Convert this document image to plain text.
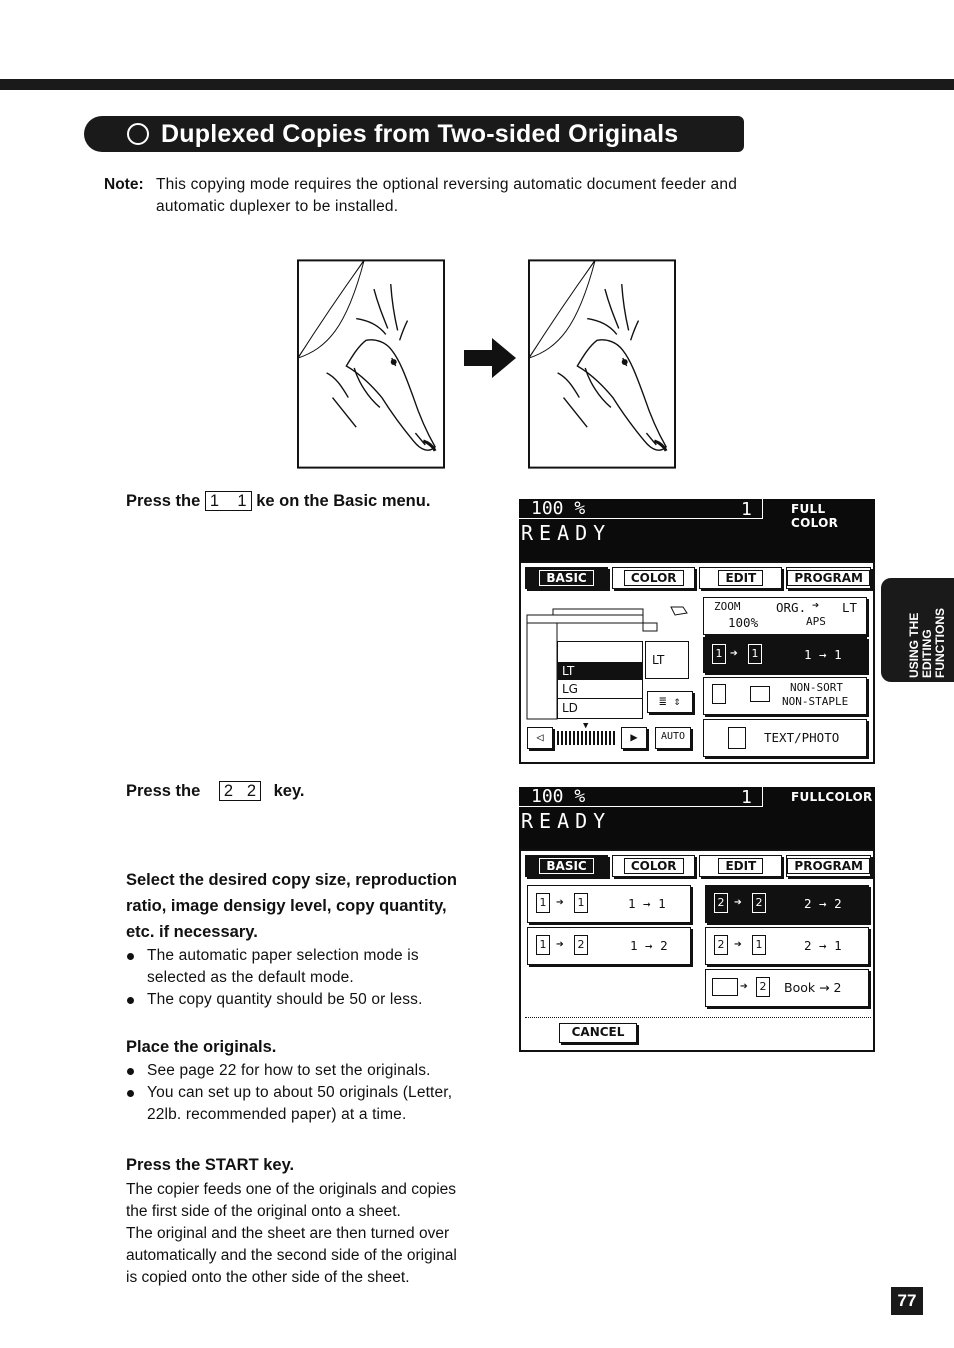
Duplexed Copies from Two-sided Originals
Note: This copying mode requires the optional reversing automatic document feeder and
automatic duplexer to be installed.
Press the 1    1 ke on the Basic menu.	100 %	1	FULL COLOR
READY
BASIC	COLOR	EDIT	PROGRAM
LT
LG
LD
LT
≣ ⇕
ZOOM
100%
ORG. ➔ LT
APS
1 ➔	1	1 → 1
NON-SORT
NON-STAPLE
◁
▼
▶	AUTO	TEXT/PHOTO
Press the 2   2 key.	100 %	1	FULLCOLOR
READY
BASIC	COLOR	EDIT	PROGRAM
1 ➔	1	1 → 1	2 ➔	2	2 → 2
1 ➔	2	1 → 2	2 ➔	1	2 → 1
➔	2 Book → 2
CANCEL
Select the desired copy size, reproduction
ratio, image densigy level, copy quantity,
etc. if necessary.
The automatic paper selection mode is
selected as the default mode.
The copy quantity should be 50 or less.
Place the originals.
See page 22 for how to set the originals.
You can set up to about 50 originals (Letter,
22lb. recommended paper) at a time.
Press the START key.
The copier feeds one of the originals and copies
the first side of the original onto a sheet.
The original and the sheet are then turned over
automatically and the second side of the original
is copied onto the other side of the sheet.
USING THE EDITING FUNCTIONS
77
